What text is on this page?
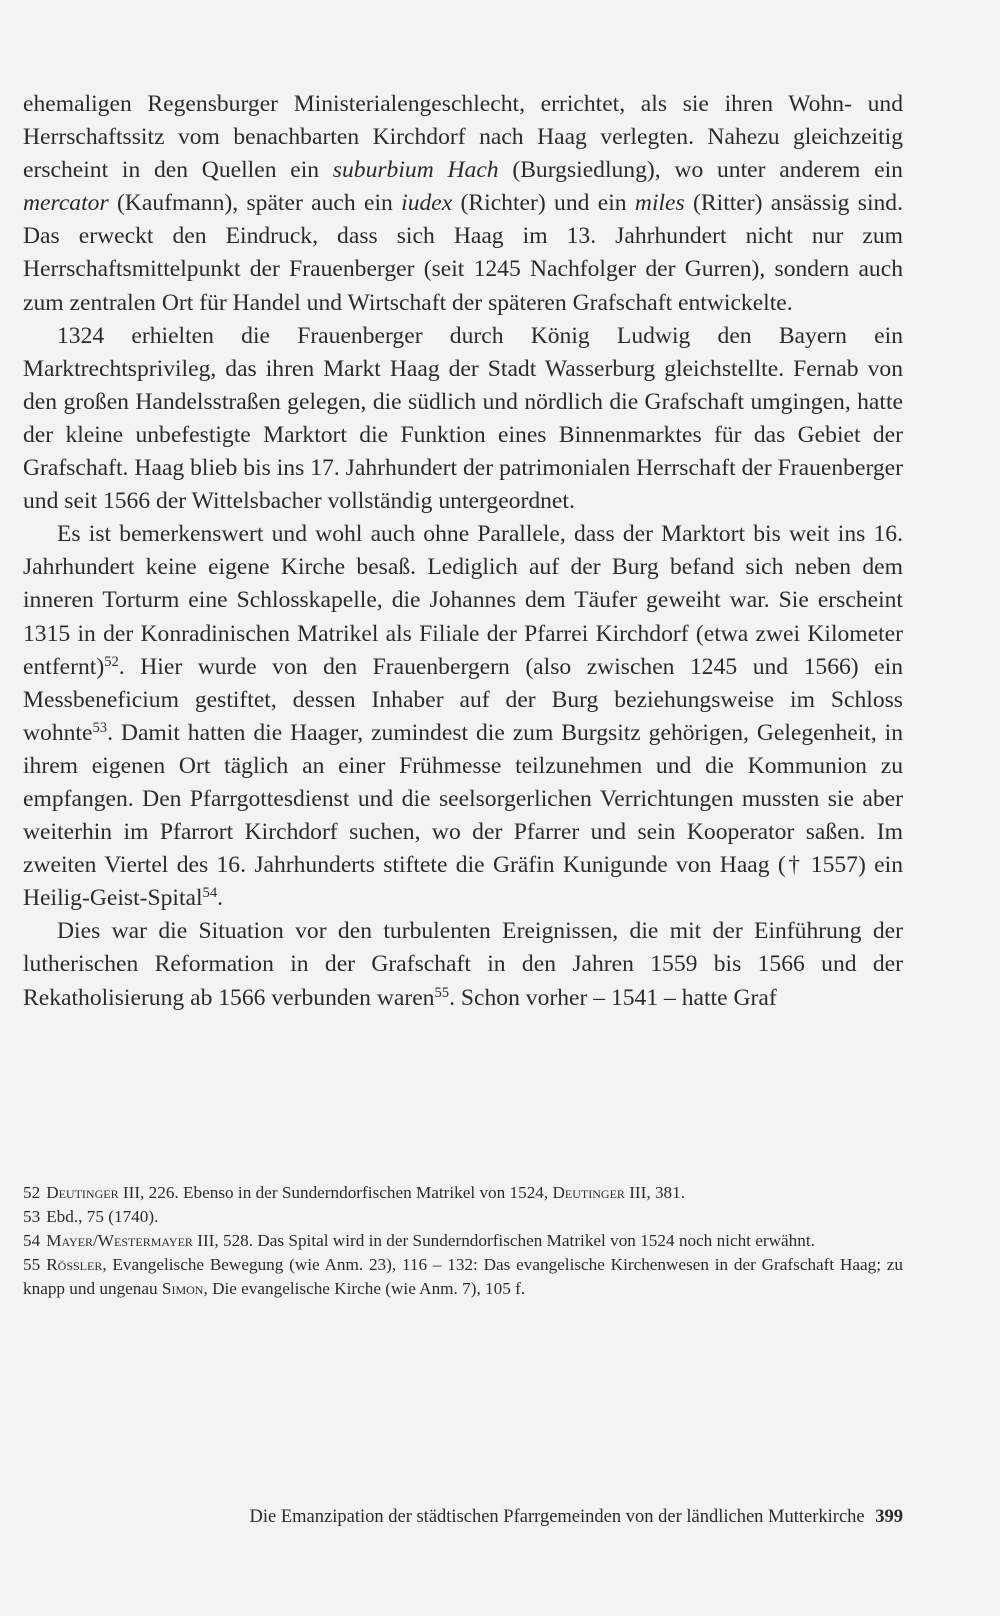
ehemaligen Regensburger Ministerialengeschlecht, errichtet, als sie ihren Wohn- und Herrschaftssitz vom benachbarten Kirchdorf nach Haag verlegten. Nahezu gleichzeitig erscheint in den Quellen ein suburbium Hach (Burgsiedlung), wo unter anderem ein mercator (Kaufmann), später auch ein iudex (Richter) und ein miles (Ritter) ansässig sind. Das erweckt den Eindruck, dass sich Haag im 13. Jahrhundert nicht nur zum Herrschaftsmittelpunkt der Frauenberger (seit 1245 Nachfolger der Gurren), sondern auch zum zentralen Ort für Handel und Wirtschaft der späteren Grafschaft entwickelte.

1324 erhielten die Frauenberger durch König Ludwig den Bayern ein Marktrechtsprivileg, das ihren Markt Haag der Stadt Wasserburg gleichstellte. Fernab von den großen Handelsstraßen gelegen, die südlich und nördlich die Grafschaft umgingen, hatte der kleine unbefestigte Marktort die Funktion eines Binnenmarktes für das Gebiet der Grafschaft. Haag blieb bis ins 17. Jahrhundert der patrimonialen Herrschaft der Frauenberger und seit 1566 der Wittelsbacher vollständig untergeordnet.

Es ist bemerkenswert und wohl auch ohne Parallele, dass der Marktort bis weit ins 16. Jahrhundert keine eigene Kirche besaß. Lediglich auf der Burg befand sich neben dem inneren Torturm eine Schlosskapelle, die Johannes dem Täufer geweiht war. Sie erscheint 1315 in der Konradinischen Matrikel als Filiale der Pfarrei Kirchdorf (etwa zwei Kilometer entfernt)$^{52}$. Hier wurde von den Frauenbergern (also zwischen 1245 und 1566) ein Messbeneficium gestiftet, dessen Inhaber auf der Burg beziehungsweise im Schloss wohnte$^{53}$. Damit hatten die Haager, zumindest die zum Burgsitz gehörigen, Gelegenheit, in ihrem eigenen Ort täglich an einer Frühmesse teilzunehmen und die Kommunion zu empfangen. Den Pfarrgottesdienst und die seelsorgerlichen Verrichtungen mussten sie aber weiterhin im Pfarrort Kirchdorf suchen, wo der Pfarrer und sein Kooperator saßen. Im zweiten Viertel des 16. Jahrhunderts stiftete die Gräfin Kunigunde von Haag († 1557) ein Heilig-Geist-Spital$^{54}$.

Dies war die Situation vor den turbulenten Ereignissen, die mit der Einführung der lutherischen Reformation in der Grafschaft in den Jahren 1559 bis 1566 und der Rekatholisierung ab 1566 verbunden waren$^{55}$. Schon vorher – 1541 – hatte Graf

52 Deutinger III, 226. Ebenso in der Sunderndorfischen Matrikel von 1524, Deutinger III, 381.

53 Ebd., 75 (1740).

54 Mayer/Westermayer III, 528. Das Spital wird in der Sunderndorfischen Matrikel von 1524 noch nicht erwähnt.

55 Rössler, Evangelische Bewegung (wie Anm. 23), 116 – 132: Das evangelische Kirchenwesen in der Grafschaft Haag; zu knapp und ungenau Simon, Die evangelische Kirche (wie Anm. 7), 105 f.

Die Emanzipation der städtischen Pfarrgemeinden von der ländlichen Mutterkirche 399
